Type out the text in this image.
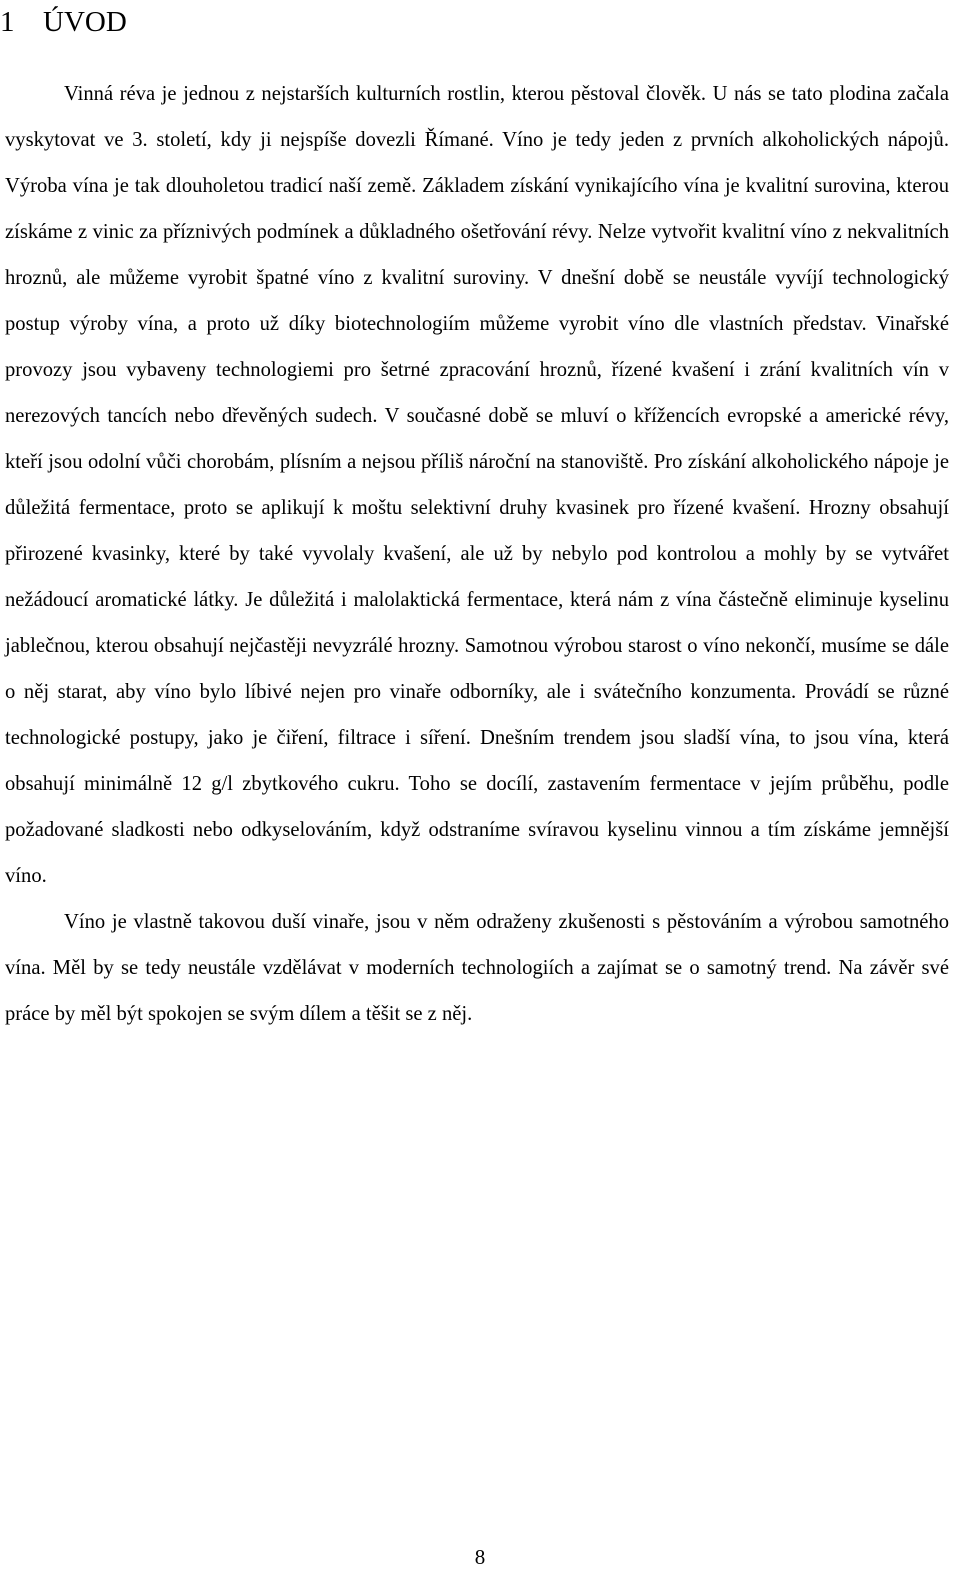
1 ÚVOD

Vinná réva je jednou z nejstarších kulturních rostlin, kterou pěstoval člověk. U nás se tato plodina začala vyskytovat ve 3. století, kdy ji nejspíše dovezli Římané. Víno je tedy jeden z prvních alkoholických nápojů. Výroba vína je tak dlouholetou tradicí naší země. Základem získání vynikajícího vína je kvalitní surovina, kterou získáme z vinic za příznivých podmínek a důkladného ošetřování révy. Nelze vytvořit kvalitní víno z nekvalitních hroznů, ale můžeme vyrobit špatné víno z kvalitní suroviny. V dnešní době se neustále vyvíjí technologický postup výroby vína, a proto už díky biotechnologiím můžeme vyrobit víno dle vlastních představ. Vinařské provozy jsou vybaveny technologiemi pro šetrné zpracování hroznů, řízené kvašení i zrání kvalitních vín v nerezových tancích nebo dřevěných sudech. V současné době se mluví o křížencích evropské a americké révy, kteří jsou odolní vůči chorobám, plísním a nejsou příliš nároční na stanoviště. Pro získání alkoholického nápoje je důležitá fermentace, proto se aplikují k moštu selektivní druhy kvasinek pro řízené kvašení. Hrozny obsahují přirozené kvasinky, které by také vyvolaly kvašení, ale už by nebylo pod kontrolou a mohly by se vytvářet nežádoucí aromatické látky. Je důležitá i malolaktická fermentace, která nám z vína částečně eliminuje kyselinu jablečnou, kterou obsahují nejčastěji nevyzrálé hrozny. Samotnou výrobou starost o víno nekončí, musíme se dále o něj starat, aby víno bylo líbivé nejen pro vinaře odborníky, ale i svátečního konzumenta. Provádí se různé technologické postupy, jako je čiření, filtrace i síření. Dnešním trendem jsou sladší vína, to jsou vína, která obsahují minimálně 12 g/l zbytkového cukru. Toho se docílí, zastavením fermentace v jejím průběhu, podle požadované sladkosti nebo odkyselováním, když odstraníme svíravou kyselinu vinnou a tím získáme jemnější víno.

Víno je vlastně takovou duší vinaře, jsou v něm odraženy zkušenosti s pěstováním a výrobou samotného vína. Měl by se tedy neustále vzdělávat v moderních technologiích a zajímat se o samotný trend. Na závěr své práce by měl být spokojen se svým dílem a těšit se z něj.

8
